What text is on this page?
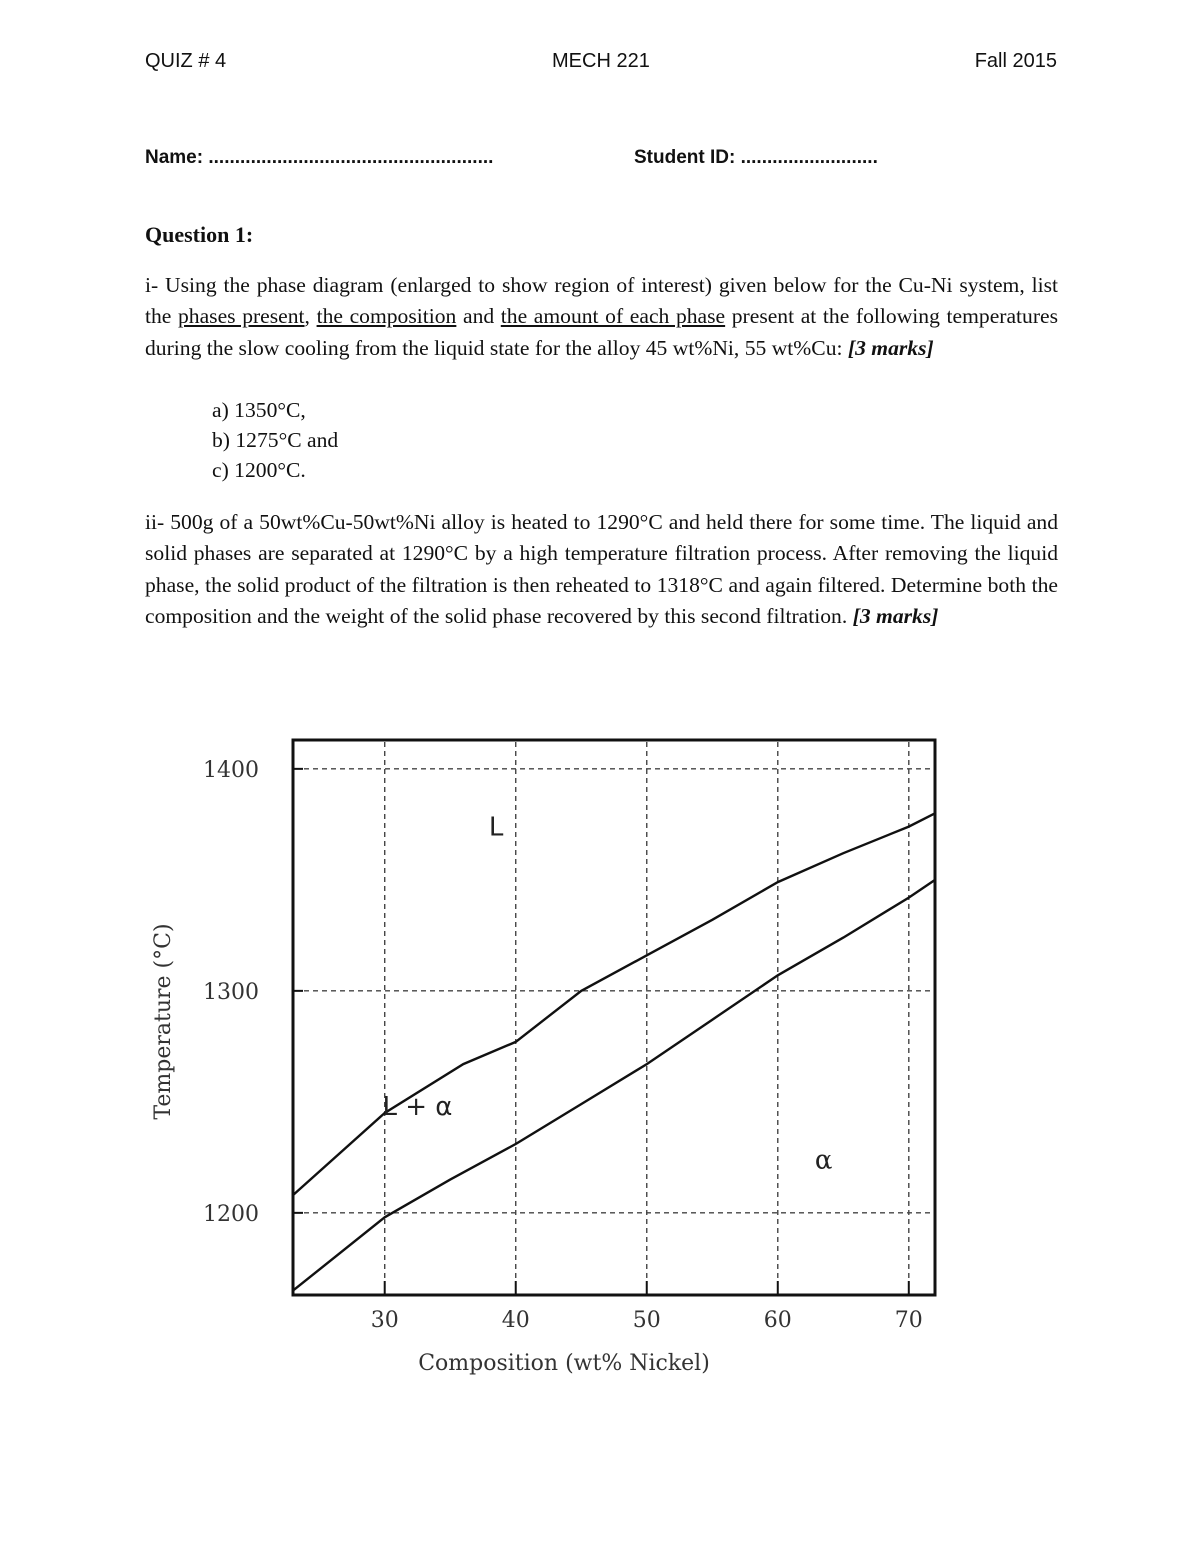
QUIZ # 4	MECH 221	Fall 2015
Name: ......................................................	Student ID: ..........................
Question 1:
i- Using the phase diagram (enlarged to show region of interest) given below for the Cu-Ni system, list the phases present, the composition and the amount of each phase present at the following temperatures during the slow cooling from the liquid state for the alloy 45 wt%Ni, 55 wt%Cu: [3 marks]
a) 1350°C,
b) 1275°C and
c) 1200°C.
ii- 500g of a 50wt%Cu-50wt%Ni alloy is heated to 1290°C and held there for some time. The liquid and solid phases are separated at 1290°C by a high temperature filtration process. After removing the liquid phase, the solid product of the filtration is then reheated to 1318°C and again filtered. Determine both the composition and the weight of the solid phase recovered by this second filtration. [3 marks]
30	40	50	60	70
1200
1300
1400
Composition (wt% Nickel)
Temperature (°C)
L
L + α
α
